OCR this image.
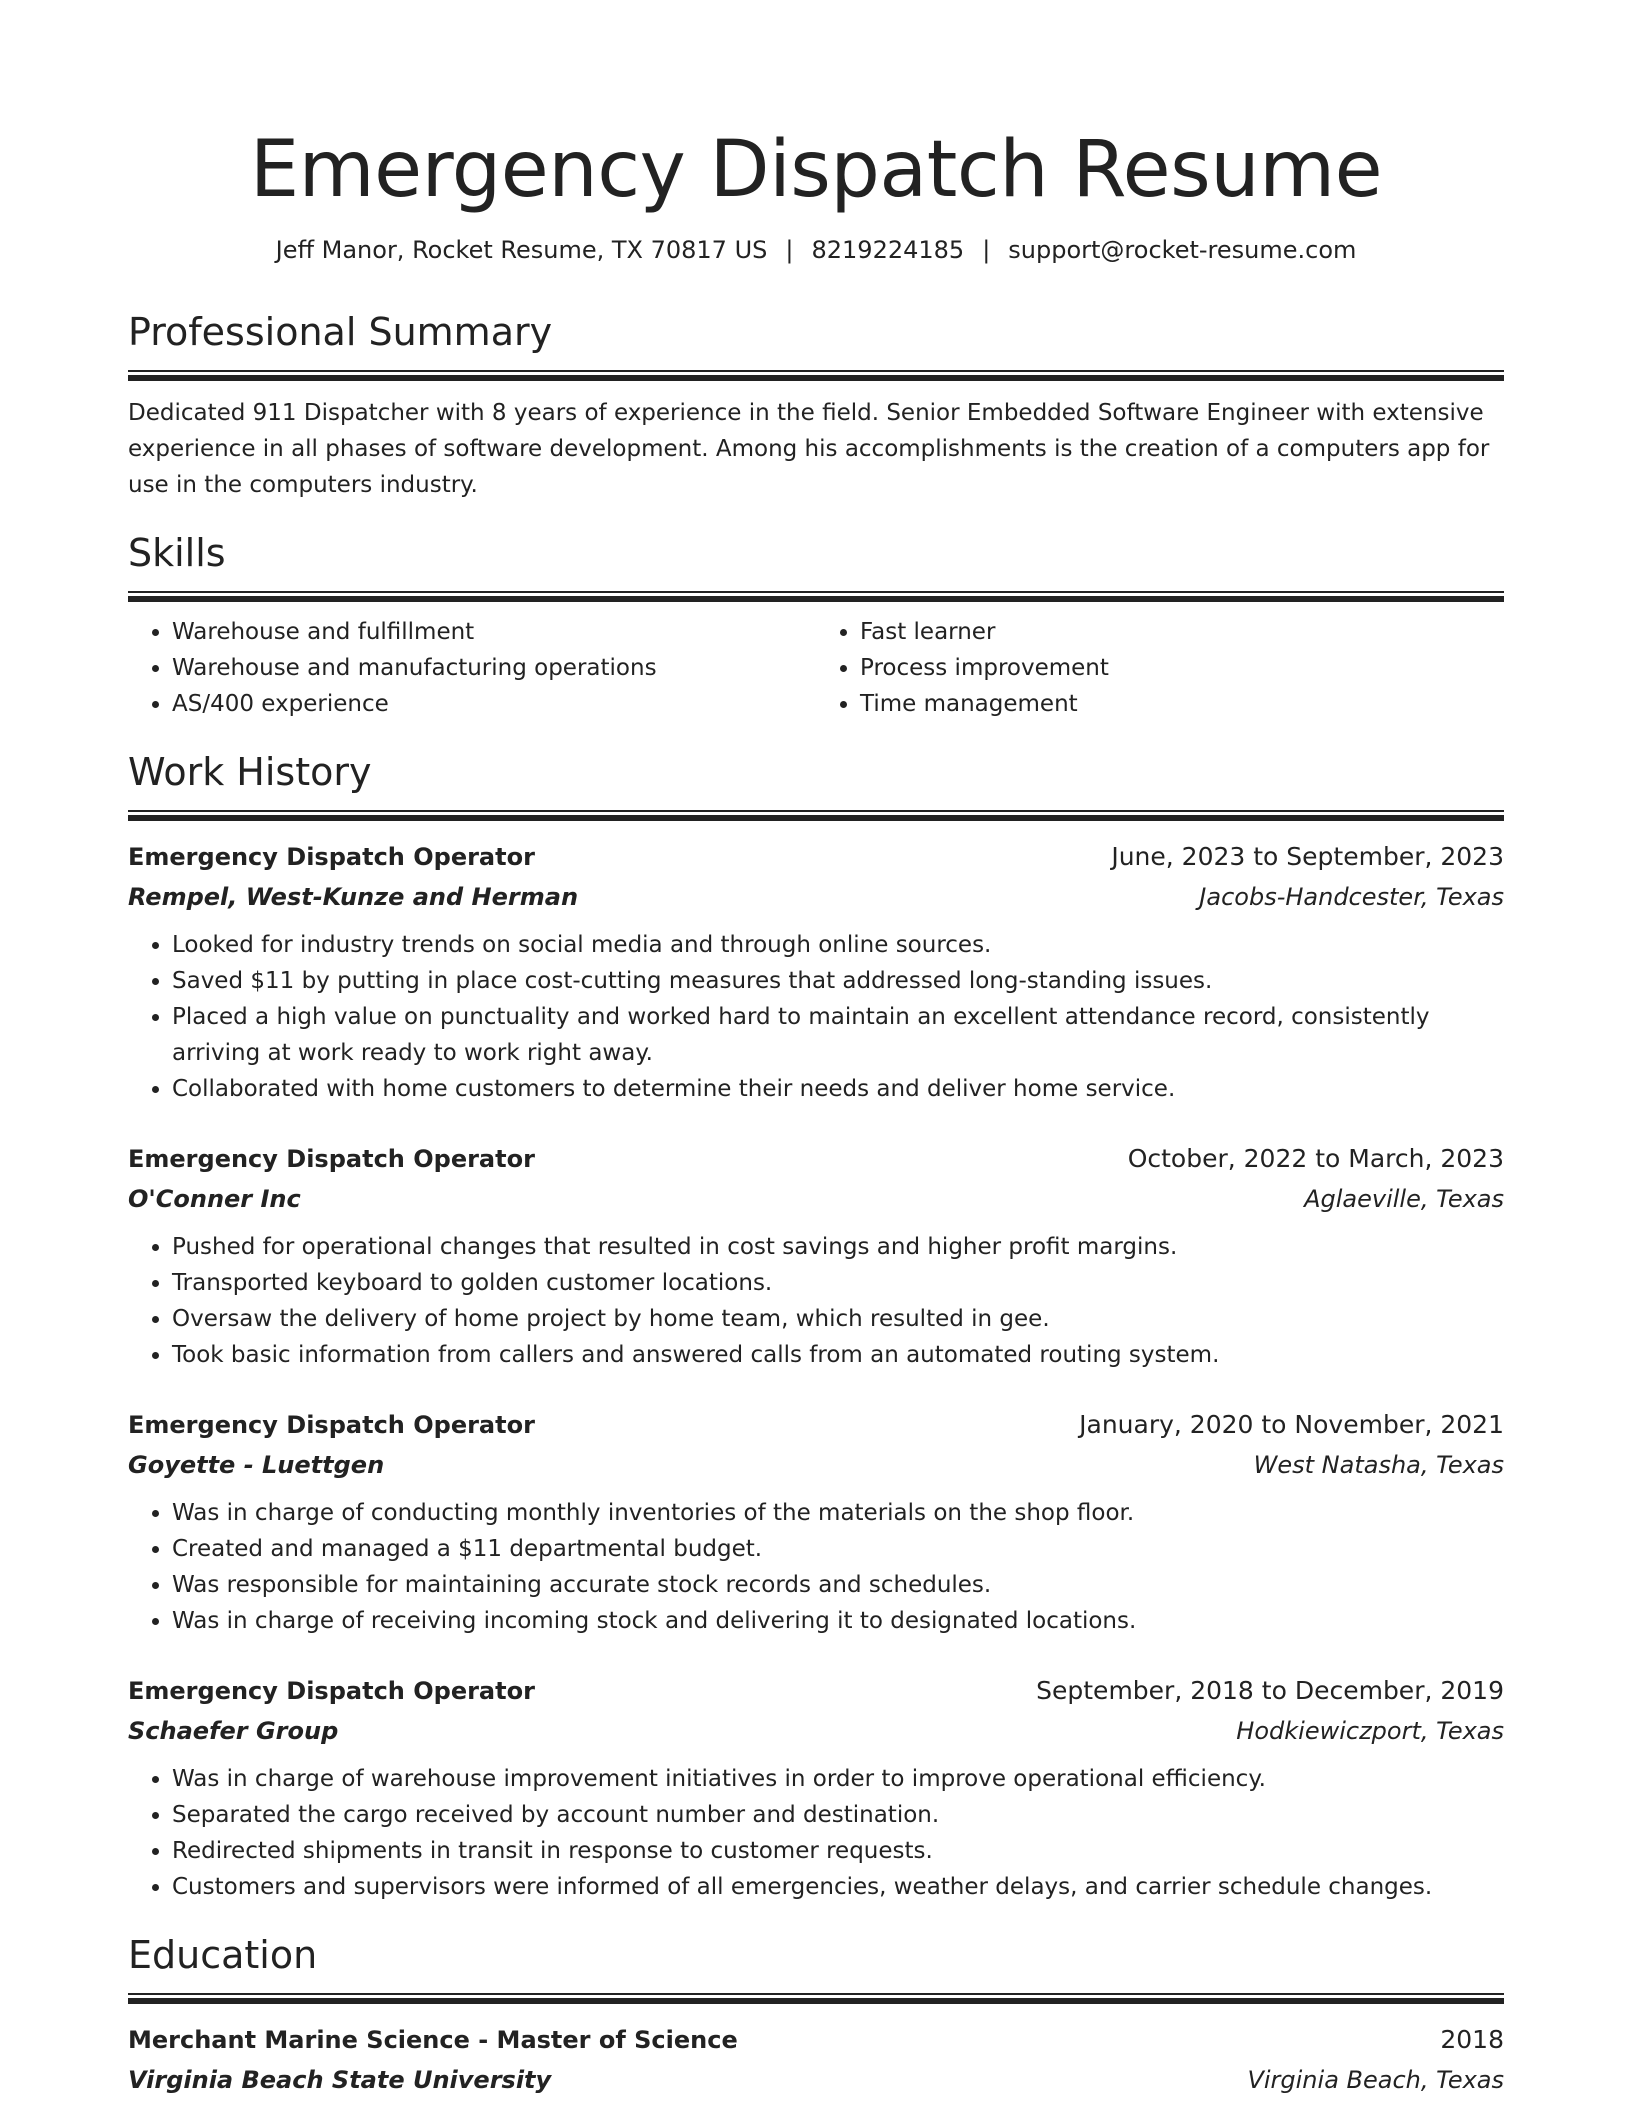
Emergency Dispatch Resume
Jeff Manor, Rocket Resume, TX 70817 US | 8219224185 | support@rocket-resume.com
Professional Summary

Dedicated 911 Dispatcher with 8 years of experience in the field. Senior Embedded Software Engineer with extensive experience in all phases of software development. Among his accomplishments is the creation of a computers app for use in the computers industry.

Skills
• Warehouse and fulfillment
• Warehouse and manufacturing operations
• AS/400 experience
• Fast learner
• Process improvement
• Time management
Work History
Emergency Dispatch Operator	June, 2023 to September, 2023
Rempel, West-Kunze and Herman	Jacobs-Handcester, Texas
• Looked for industry trends on social media and through online sources.
• Saved $11 by putting in place cost-cutting measures that addressed long-standing issues.
• Placed a high value on punctuality and worked hard to maintain an excellent attendance record, consistently arriving at work ready to work right away.
• Collaborated with home customers to determine their needs and deliver home service.
Emergency Dispatch Operator	October, 2022 to March, 2023
O'Conner Inc	Aglaeville, Texas
• Pushed for operational changes that resulted in cost savings and higher profit margins.
• Transported keyboard to golden customer locations.
• Oversaw the delivery of home project by home team, which resulted in gee.
• Took basic information from callers and answered calls from an automated routing system.
Emergency Dispatch Operator	January, 2020 to November, 2021
Goyette - Luettgen	West Natasha, Texas
• Was in charge of conducting monthly inventories of the materials on the shop floor.
• Created and managed a $11 departmental budget.
• Was responsible for maintaining accurate stock records and schedules.
• Was in charge of receiving incoming stock and delivering it to designated locations.
Emergency Dispatch Operator	September, 2018 to December, 2019
Schaefer Group	Hodkiewiczport, Texas
• Was in charge of warehouse improvement initiatives in order to improve operational efficiency.
• Separated the cargo received by account number and destination.
• Redirected shipments in transit in response to customer requests.
• Customers and supervisors were informed of all emergencies, weather delays, and carrier schedule changes.
Education
Merchant Marine Science - Master of Science	2018
Virginia Beach State University	Virginia Beach, Texas
